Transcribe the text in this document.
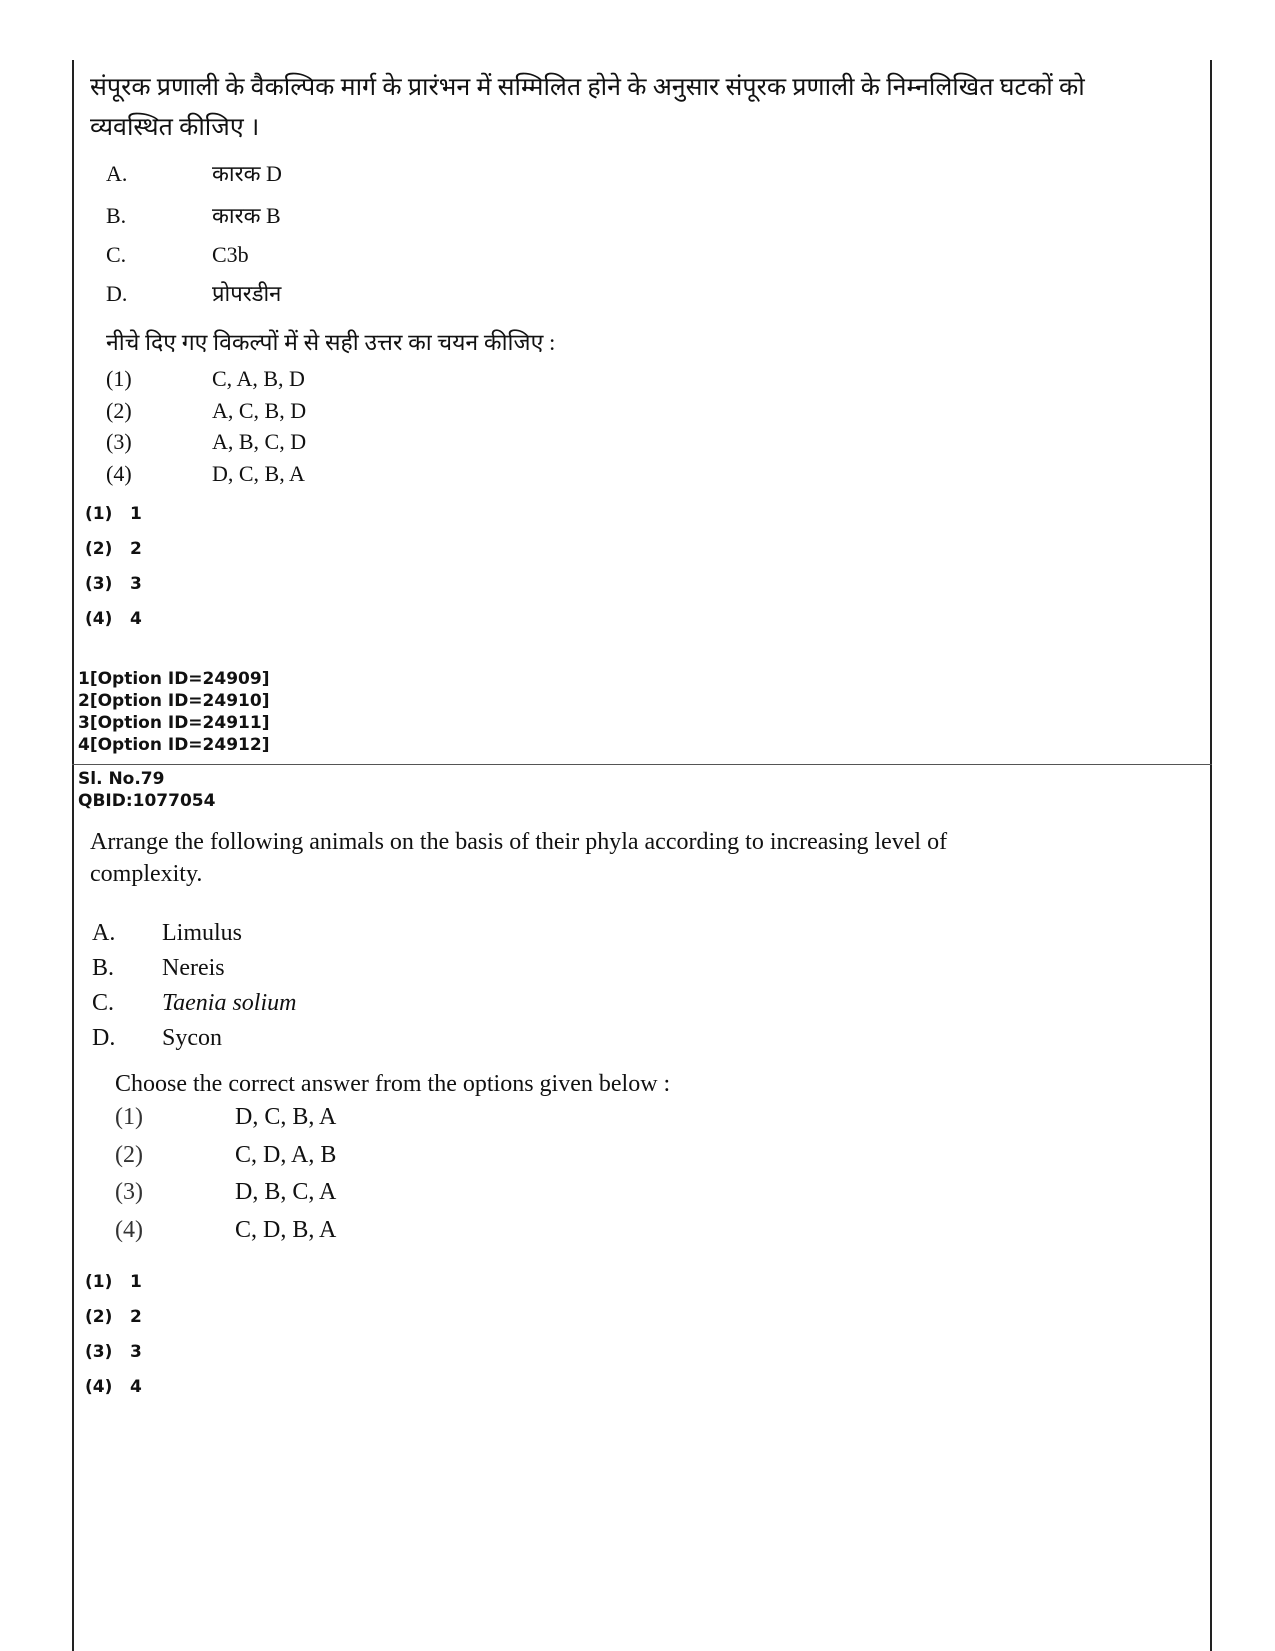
संपूरक प्रणाली के वैकल्पिक मार्ग के प्रारंभन में सम्मिलित होने के अनुसार संपूरक प्रणाली के निम्नलिखित घटकों को व्यवस्थित कीजिए ।
A.	कारक D
B.	कारक B
C.	C3b
D.	प्रोपरडीन
नीचे दिए गए विकल्पों में से सही उत्तर का चयन कीजिए :
(1)	C, A, B, D
(2)	A, C, B, D
(3)	A, B, C, D
(4)	D, C, B, A
(1)	1
(2)	2
(3)	3
(4)	4
1[Option ID=24909]
2[Option ID=24910]
3[Option ID=24911]
4[Option ID=24912]
Sl. No.79
QBID:1077054
Arrange the following animals on the basis of their phyla according to increasing level of complexity.
A.	Limulus
B.	Nereis
C.	Taenia solium
D.	Sycon
Choose the correct answer from the options given below :
(1)	D, C, B, A
(2)	C, D, A, B
(3)	D, B, C, A
(4)	C, D, B, A
(1)	1
(2)	2
(3)	3
(4)	4
